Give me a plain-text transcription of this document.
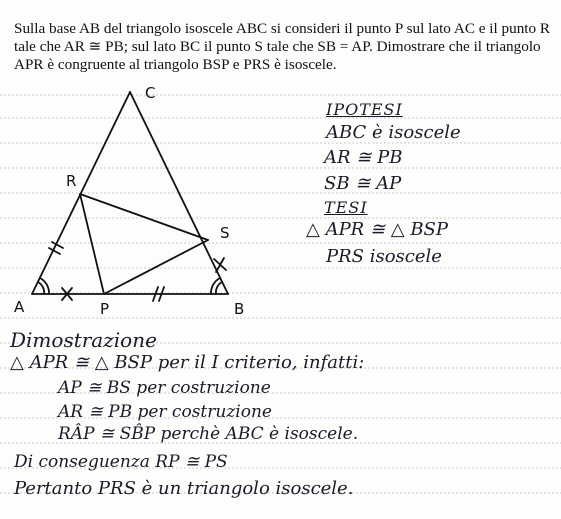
Sulla base AB del triangolo isoscele ABC si consideri il punto P sul lato AC e il punto R tale che AR ≅ PB; sul lato BC il punto S tale che SB = AP. Dimostrare che il triangolo APR è congruente al triangolo BSP e PRS è isoscele.
C
R
S
A	P	B
IPOTESI
ABC è isoscele
AR ≅ PB
SB ≅ AP
TESI
△ APR ≅ △ BSP
PRS isoscele
Dimostrazione
△ APR ≅ △ BSP per il I criterio, infatti:
AP ≅ BS per costruzione
AR ≅ PB per costruzione
RÂP ≅ SB̂P perchè ABC è isoscele.
Di conseguenza RP ≅ PS
Pertanto PRS è un triangolo isoscele.
